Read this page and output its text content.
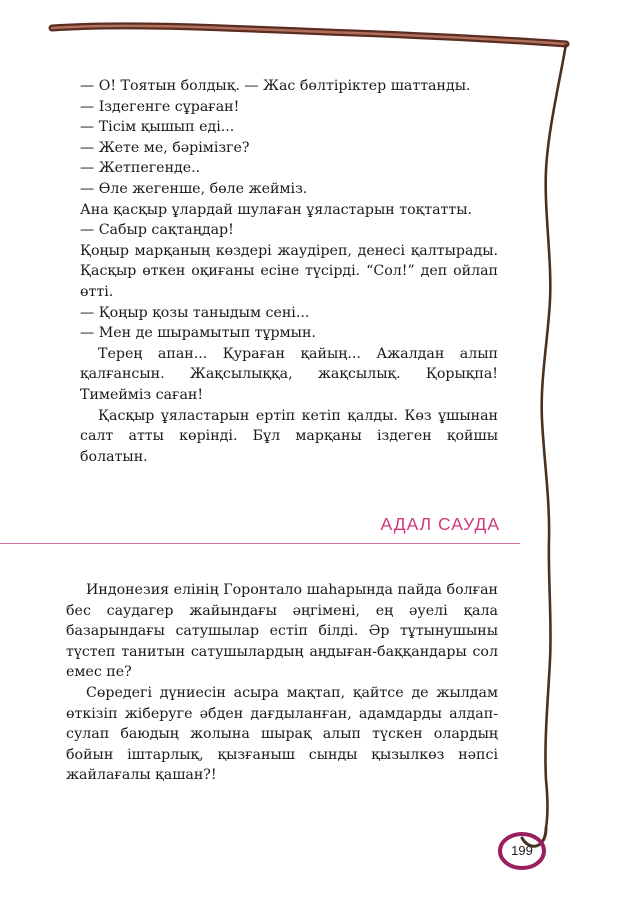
— О! Тоятын болдық. — Жас бөлтіріктер шаттанды.

— Іздегенге сұраған!

— Тісім қышып еді...

— Жете ме, бәрімізге?

— Жетпегенде..

— Өле жегенше, бөле жейміз.

Ана қасқыр ұлардай шулаған ұяластарын тоқтатты.

— Сабыр сақтаңдар!

Қоңыр марқаның көздері жаудіреп, денесі қалтырады. Қасқыр өткен оқиғаны есіне түсірді. “Сол!” деп ойлап өтті.

— Қоңыр қозы таныдым сені...

— Мен де шырамытып тұрмын.

Терең апан... Қураған қайың... Ажалдан алып қалғансын. Жақсылыққа, жақсылық. Қорықпа! Тимейміз саған!

Қасқыр ұяластарын ертіп кетіп қалды. Көз ұшынан салт атты көрінді. Бұл марқаны іздеген қойшы болатын.

АДАЛ САУДА

Индонезия елінің Горонтало шаһарында пайда болған бес саудагер жайындағы әңгімені, ең әуелі қала базарындағы сатушылар естіп білді. Әр тұтынушыны түстеп танитын сатушылардың аңдыған-баққандары сол емес пе?

Сөредегі дүниесін асыра мақтап, қайтсе де жылдам өткізіп жіберуге әбден дағдыланған, адамдарды алдап-сулап баюдың жолына шырақ алып түскен олардың бойын іштарлық, қызғаныш сынды қызылкөз нәпсі жайлағалы қашан?!

199
